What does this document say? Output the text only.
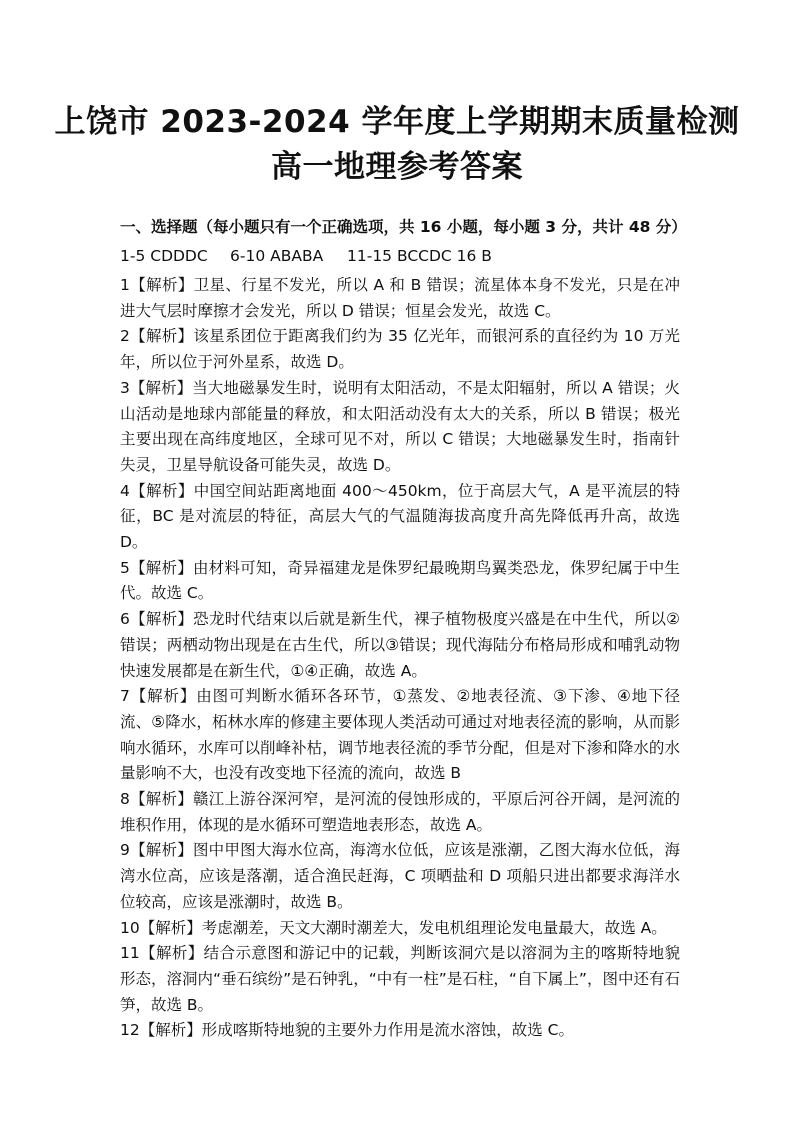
上饶市 2023-2024 学年度上学期期末质量检测
高一地理参考答案
一、选择题（每小题只有一个正确选项，共 16 小题，每小题 3 分，共计 48 分）
1-5 CDDDC 6-10 ABABA 11-15 BCCDC 16 B

1【解析】卫星、行星不发光，所以 A 和 B 错误；流星体本身不发光，只是在冲进大气层时摩擦才会发光，所以 D 错误；恒星会发光，故选 C。

2【解析】该星系团位于距离我们约为 35 亿光年，而银河系的直径约为 10 万光年，所以位于河外星系，故选 D。

3【解析】当大地磁暴发生时，说明有太阳活动，不是太阳辐射，所以 A 错误；火山活动是地球内部能量的释放，和太阳活动没有太大的关系，所以 B 错误；极光主要出现在高纬度地区，全球可见不对，所以 C 错误；大地磁暴发生时，指南针失灵，卫星导航设备可能失灵，故选 D。

4【解析】中国空间站距离地面 400～450km，位于高层大气，A 是平流层的特征，BC 是对流层的特征，高层大气的气温随海拔高度升高先降低再升高，故选 D。

5【解析】由材料可知，奇异福建龙是侏罗纪最晚期鸟翼类恐龙，侏罗纪属于中生代。故选 C。

6【解析】恐龙时代结束以后就是新生代，裸子植物极度兴盛是在中生代，所以②错误；两栖动物出现是在古生代，所以③错误；现代海陆分布格局形成和哺乳动物快速发展都是在新生代，①④正确，故选 A。

7【解析】由图可判断水循环各环节，①蒸发、②地表径流、③下渗、④地下径流、⑤降水，柘林水库的修建主要体现人类活动可通过对地表径流的影响，从而影响水循环，水库可以削峰补枯，调节地表径流的季节分配，但是对下渗和降水的水量影响不大，也没有改变地下径流的流向，故选 B

8【解析】赣江上游谷深河窄，是河流的侵蚀形成的，平原后河谷开阔，是河流的堆积作用，体现的是水循环可塑造地表形态，故选 A。

9【解析】图中甲图大海水位高，海湾水位低，应该是涨潮，乙图大海水位低，海湾水位高，应该是落潮，适合渔民赶海，C 项晒盐和 D 项船只进出都要求海洋水位较高，应该是涨潮时，故选 B。

10【解析】考虑潮差，天文大潮时潮差大，发电机组理论发电量最大，故选 A。

11【解析】结合示意图和游记中的记载，判断该洞穴是以溶洞为主的喀斯特地貌形态，溶洞内“垂石缤纷”是石钟乳，“中有一柱”是石柱，“自下属上”，图中还有石笋，故选 B。

12【解析】形成喀斯特地貌的主要外力作用是流水溶蚀，故选 C。
